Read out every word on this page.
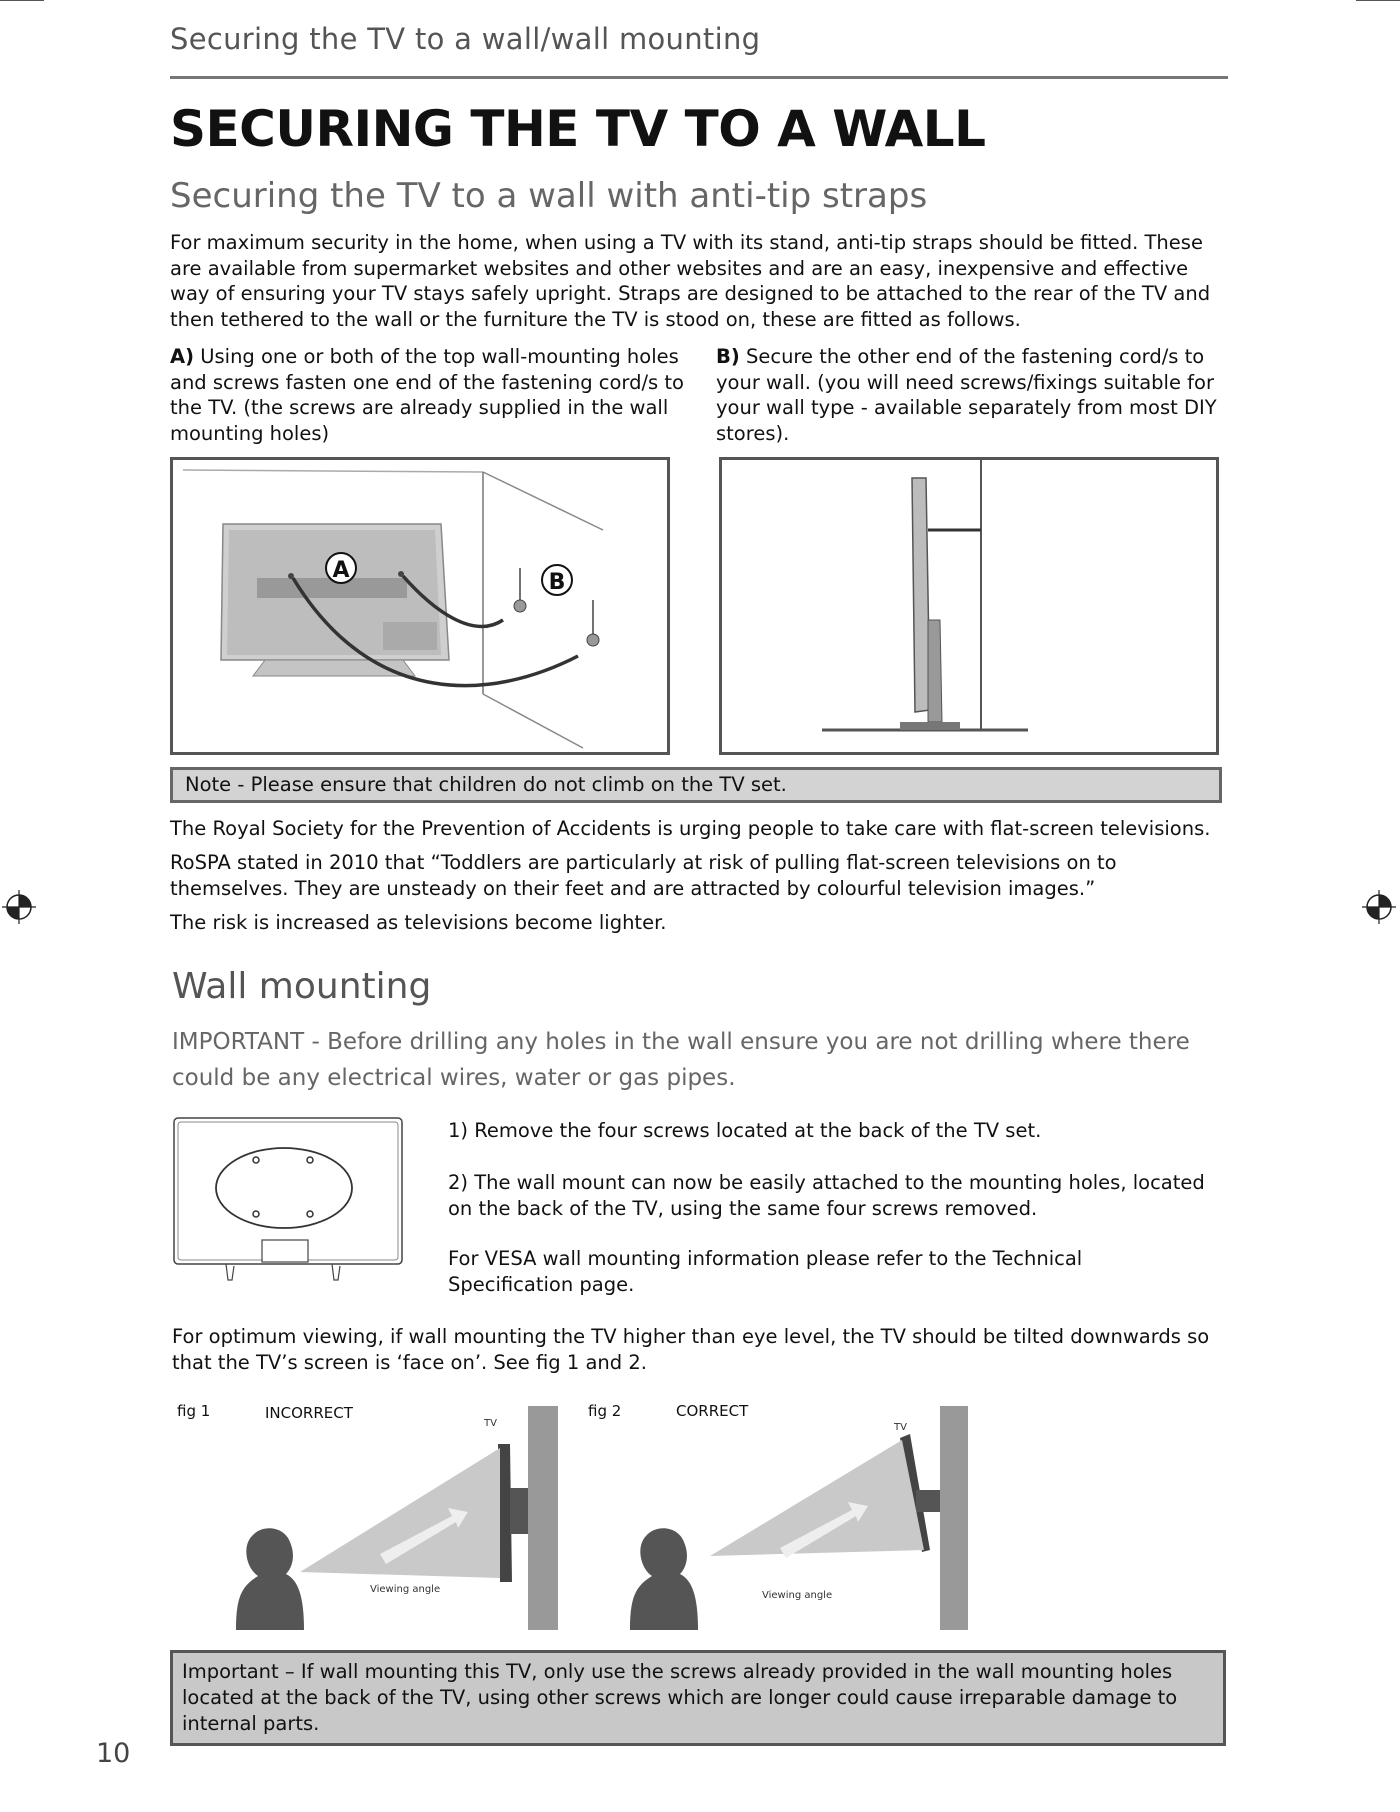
Securing the TV to a wall/wall mounting
SECURING THE TV TO A WALL
Securing the TV to a wall with anti-tip straps
For maximum security in the home, when using a TV with its stand, anti-tip straps should be fitted. These are available from supermarket websites and other websites and are an easy, inexpensive and effective way of ensuring your TV stays safely upright. Straps are designed to be attached to the rear of the TV and then tethered to the wall or the furniture the TV is stood on, these are fitted as follows.
A) Using one or both of the top wall-mounting holes and screws fasten one end of the fastening cord/s to the TV. (the screws are already supplied in the wall mounting holes)
B) Secure the other end of the fastening cord/s to your wall. (you will need screws/fixings suitable for your wall type - available separately from most DIY stores).
A	B
Note - Please ensure that children do not climb on the TV set.
The Royal Society for the Prevention of Accidents is urging people to take care with flat-screen televisions.
RoSPA stated in 2010 that “Toddlers are particularly at risk of pulling flat-screen televisions on to themselves. They are unsteady on their feet and are attracted by colourful television images.”
The risk is increased as televisions become lighter.
Wall mounting
IMPORTANT - Before drilling any holes in the wall ensure you are not drilling where there could be any electrical wires, water or gas pipes.
1) Remove the four screws located at the back of the TV set.
2) The wall mount can now be easily attached to the mounting holes, located on the back of the TV, using the same four screws removed.
For VESA wall mounting information please refer to the Technical Specification page.
For optimum viewing, if wall mounting the TV higher than eye level, the TV should be tilted downwards so that the TV’s screen is ‘face on’. See fig 1 and 2.
fig 1	INCORRECT
TV
Viewing angle
fig 2	CORRECT
TV
Viewing angle
Important – If wall mounting this TV, only use the screws already provided in the wall mounting holes located at the back of the TV, using other screws which are longer could cause irreparable damage to internal parts.
10
